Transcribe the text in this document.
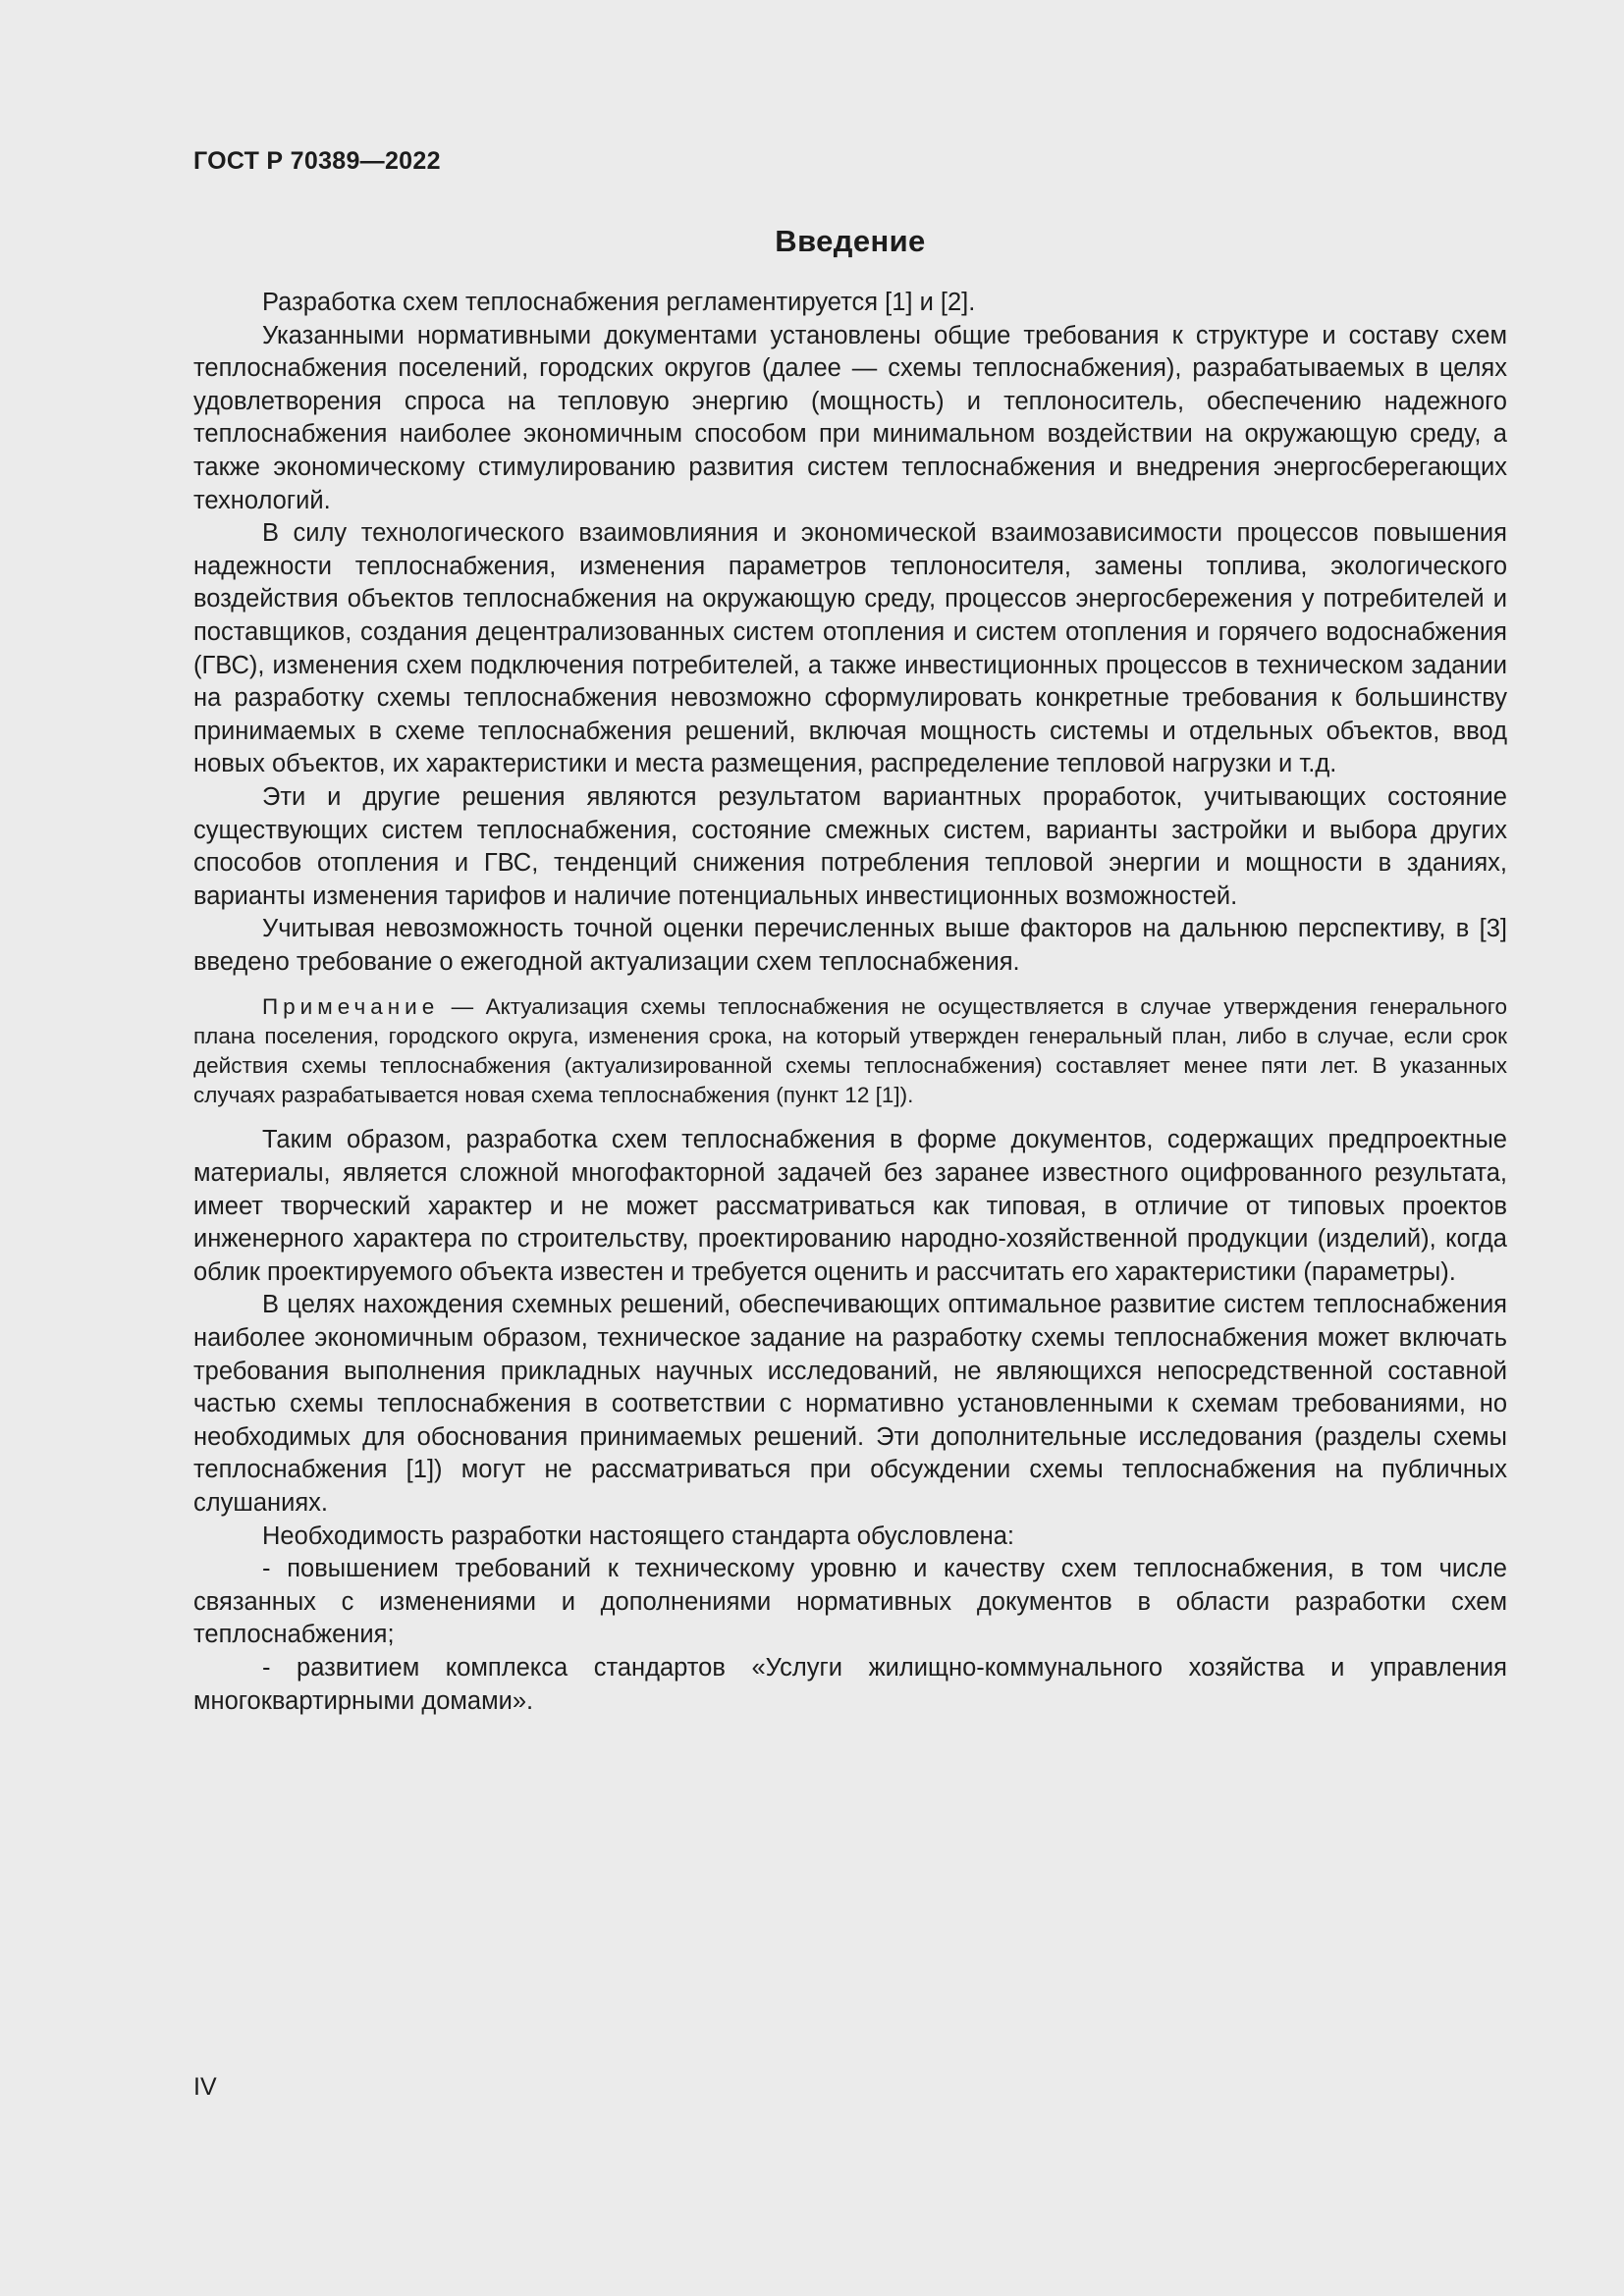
ГОСТ Р 70389—2022
Введение

Разработка схем теплоснабжения регламентируется [1] и [2].

Указанными нормативными документами установлены общие требования к структуре и составу схем теплоснабжения поселений, городских округов (далее — схемы теплоснабжения), разрабатываемых в целях удовлетворения спроса на тепловую энергию (мощность) и теплоноситель, обеспечению надежного теплоснабжения наиболее экономичным способом при минимальном воздействии на окружающую среду, а также экономическому стимулированию развития систем теплоснабжения и внедрения энергосберегающих технологий.

В силу технологического взаимовлияния и экономической взаимозависимости процессов повышения надежности теплоснабжения, изменения параметров теплоносителя, замены топлива, экологического воздействия объектов теплоснабжения на окружающую среду, процессов энергосбережения у потребителей и поставщиков, создания децентрализованных систем отопления и систем отопления и горячего водоснабжения (ГВС), изменения схем подключения потребителей, а также инвестиционных процессов в техническом задании на разработку схемы теплоснабжения невозможно сформулировать конкретные требования к большинству принимаемых в схеме теплоснабжения решений, включая мощность системы и отдельных объектов, ввод новых объектов, их характеристики и места размещения, распределение тепловой нагрузки и т.д.

Эти и другие решения являются результатом вариантных проработок, учитывающих состояние существующих систем теплоснабжения, состояние смежных систем, варианты застройки и выбора других способов отопления и ГВС, тенденций снижения потребления тепловой энергии и мощности в зданиях, варианты изменения тарифов и наличие потенциальных инвестиционных возможностей.

Учитывая невозможность точной оценки перечисленных выше факторов на дальнюю перспективу, в [3] введено требование о ежегодной актуализации схем теплоснабжения.

Примечание — Актуализация схемы теплоснабжения не осуществляется в случае утверждения генерального плана поселения, городского округа, изменения срока, на который утвержден генеральный план, либо в случае, если срок действия схемы теплоснабжения (актуализированной схемы теплоснабжения) составляет менее пяти лет. В указанных случаях разрабатывается новая схема теплоснабжения (пункт 12 [1]).

Таким образом, разработка схем теплоснабжения в форме документов, содержащих предпроектные материалы, является сложной многофакторной задачей без заранее известного оцифрованного результата, имеет творческий характер и не может рассматриваться как типовая, в отличие от типовых проектов инженерного характера по строительству, проектированию народно-хозяйственной продукции (изделий), когда облик проектируемого объекта известен и требуется оценить и рассчитать его характеристики (параметры).

В целях нахождения схемных решений, обеспечивающих оптимальное развитие систем теплоснабжения наиболее экономичным образом, техническое задание на разработку схемы теплоснабжения может включать требования выполнения прикладных научных исследований, не являющихся непосредственной составной частью схемы теплоснабжения в соответствии с нормативно установленными к схемам требованиями, но необходимых для обоснования принимаемых решений. Эти дополнительные исследования (разделы схемы теплоснабжения [1]) могут не рассматриваться при обсуждении схемы теплоснабжения на публичных слушаниях.

Необходимость разработки настоящего стандарта обусловлена:

- повышением требований к техническому уровню и качеству схем теплоснабжения, в том числе связанных с изменениями и дополнениями нормативных документов в области разработки схем теплоснабжения;

- развитием комплекса стандартов «Услуги жилищно-коммунального хозяйства и управления многоквартирными домами».

IV
